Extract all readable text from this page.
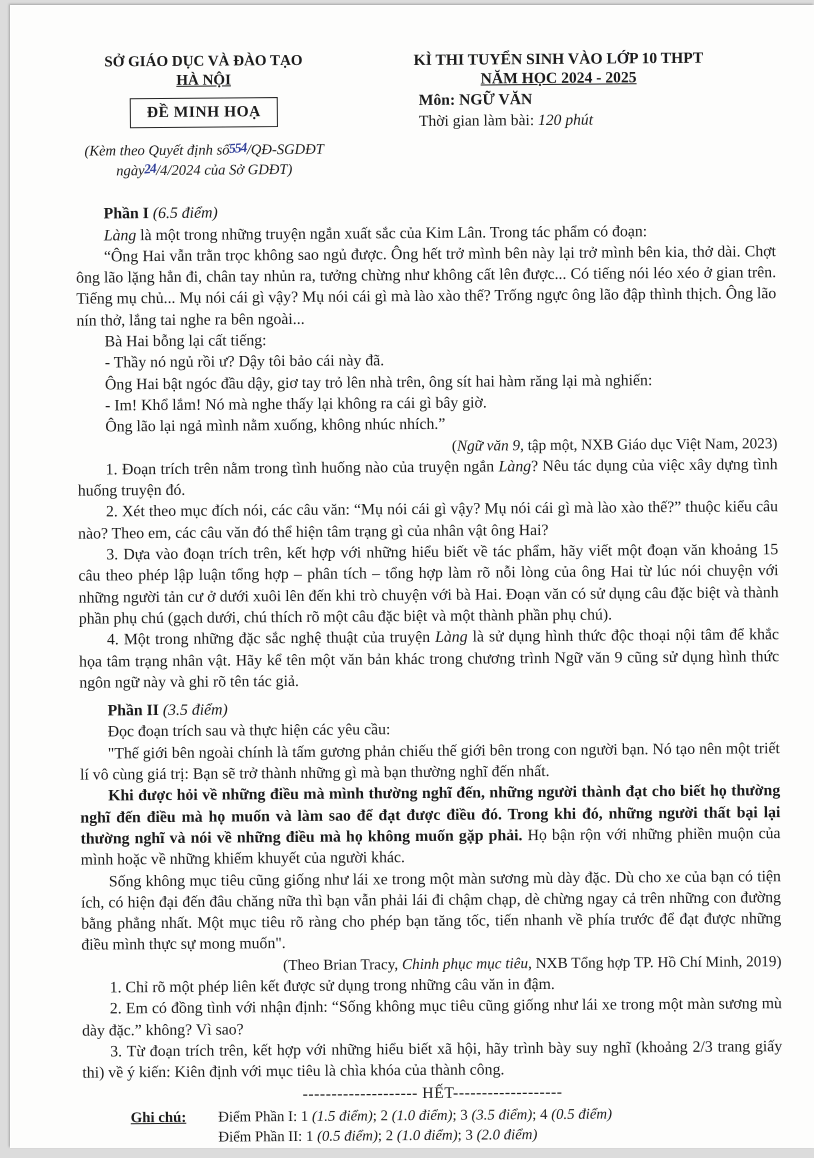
SỞ GIÁO DỤC VÀ ĐÀO TẠO
HÀ NỘI
ĐỀ MINH HOẠ
(Kèm theo Quyết định số554/QĐ-SGDĐT
ngày24/4/2024 của Sở GDĐT)
KÌ THI TUYỂN SINH VÀO LỚP 10 THPT
NĂM HỌC 2024 - 2025
Môn: NGỮ VĂN
Thời gian làm bài: 120 phút

Phần I (6.5 điểm)

Làng là một trong những truyện ngắn xuất sắc của Kim Lân. Trong tác phẩm có đoạn:

“Ông Hai vẫn trằn trọc không sao ngủ được. Ông hết trở mình bên này lại trở mình bên kia, thở dài. Chợt ông lão lặng hẳn đi, chân tay nhủn ra, tưởng chừng như không cất lên được... Có tiếng nói léo xéo ở gian trên. Tiếng mụ chủ... Mụ nói cái gì vậy? Mụ nói cái gì mà lào xào thế? Trống ngực ông lão đập thình thịch. Ông lão nín thở, lắng tai nghe ra bên ngoài...

Bà Hai bỗng lại cất tiếng:

- Thầy nó ngủ rồi ư? Dậy tôi bảo cái này đã.

Ông Hai bật ngóc đầu dậy, giơ tay trỏ lên nhà trên, ông sít hai hàm răng lại mà nghiến:

- Im! Khổ lắm! Nó mà nghe thấy lại không ra cái gì bây giờ.

Ông lão lại ngả mình nằm xuống, không nhúc nhích.”

(Ngữ văn 9, tập một, NXB Giáo dục Việt Nam, 2023)

1. Đoạn trích trên nằm trong tình huống nào của truyện ngắn Làng? Nêu tác dụng của việc xây dựng tình huống truyện đó.

2. Xét theo mục đích nói, các câu văn: “Mụ nói cái gì vậy? Mụ nói cái gì mà lào xào thế?” thuộc kiểu câu nào? Theo em, các câu văn đó thể hiện tâm trạng gì của nhân vật ông Hai?

3. Dựa vào đoạn trích trên, kết hợp với những hiểu biết về tác phẩm, hãy viết một đoạn văn khoảng 15 câu theo phép lập luận tổng hợp – phân tích – tổng hợp làm rõ nỗi lòng của ông Hai từ lúc nói chuyện với những người tản cư ở dưới xuôi lên đến khi trò chuyện với bà Hai. Đoạn văn có sử dụng câu đặc biệt và thành phần phụ chú (gạch dưới, chú thích rõ một câu đặc biệt và một thành phần phụ chú).

4. Một trong những đặc sắc nghệ thuật của truyện Làng là sử dụng hình thức độc thoại nội tâm để khắc họa tâm trạng nhân vật. Hãy kể tên một văn bản khác trong chương trình Ngữ văn 9 cũng sử dụng hình thức ngôn ngữ này và ghi rõ tên tác giả.

Phần II (3.5 điểm)

Đọc đoạn trích sau và thực hiện các yêu cầu:

"Thế giới bên ngoài chính là tấm gương phản chiếu thế giới bên trong con người bạn. Nó tạo nên một triết lí vô cùng giá trị: Bạn sẽ trở thành những gì mà bạn thường nghĩ đến nhất.

Khi được hỏi về những điều mà mình thường nghĩ đến, những người thành đạt cho biết họ thường nghĩ đến điều mà họ muốn và làm sao để đạt được điều đó. Trong khi đó, những người thất bại lại thường nghĩ và nói về những điều mà họ không muốn gặp phải. Họ bận rộn với những phiền muộn của mình hoặc về những khiếm khuyết của người khác.

Sống không mục tiêu cũng giống như lái xe trong một màn sương mù dày đặc. Dù cho xe của bạn có tiện ích, có hiện đại đến đâu chăng nữa thì bạn vẫn phải lái đi chậm chạp, dè chừng ngay cả trên những con đường bằng phẳng nhất. Một mục tiêu rõ ràng cho phép bạn tăng tốc, tiến nhanh về phía trước để đạt được những điều mình thực sự mong muốn".

(Theo Brian Tracy, Chinh phục mục tiêu, NXB Tổng hợp TP. Hồ Chí Minh, 2019)

1. Chỉ rõ một phép liên kết được sử dụng trong những câu văn in đậm.

2. Em có đồng tình với nhận định: “Sống không mục tiêu cũng giống như lái xe trong một màn sương mù dày đặc.” không? Vì sao?

3. Từ đoạn trích trên, kết hợp với những hiểu biết xã hội, hãy trình bày suy nghĩ (khoảng 2/3 trang giấy thi) về ý kiến: Kiên định với mục tiêu là chìa khóa của thành công.

-------------------- HẾT-------------------

Ghi chú: Điểm Phần I: 1 (1.5 điểm); 2 (1.0 điểm); 3 (3.5 điểm); 4 (0.5 điểm)

Điểm Phần II: 1 (0.5 điểm); 2 (1.0 điểm); 3 (2.0 điểm)
